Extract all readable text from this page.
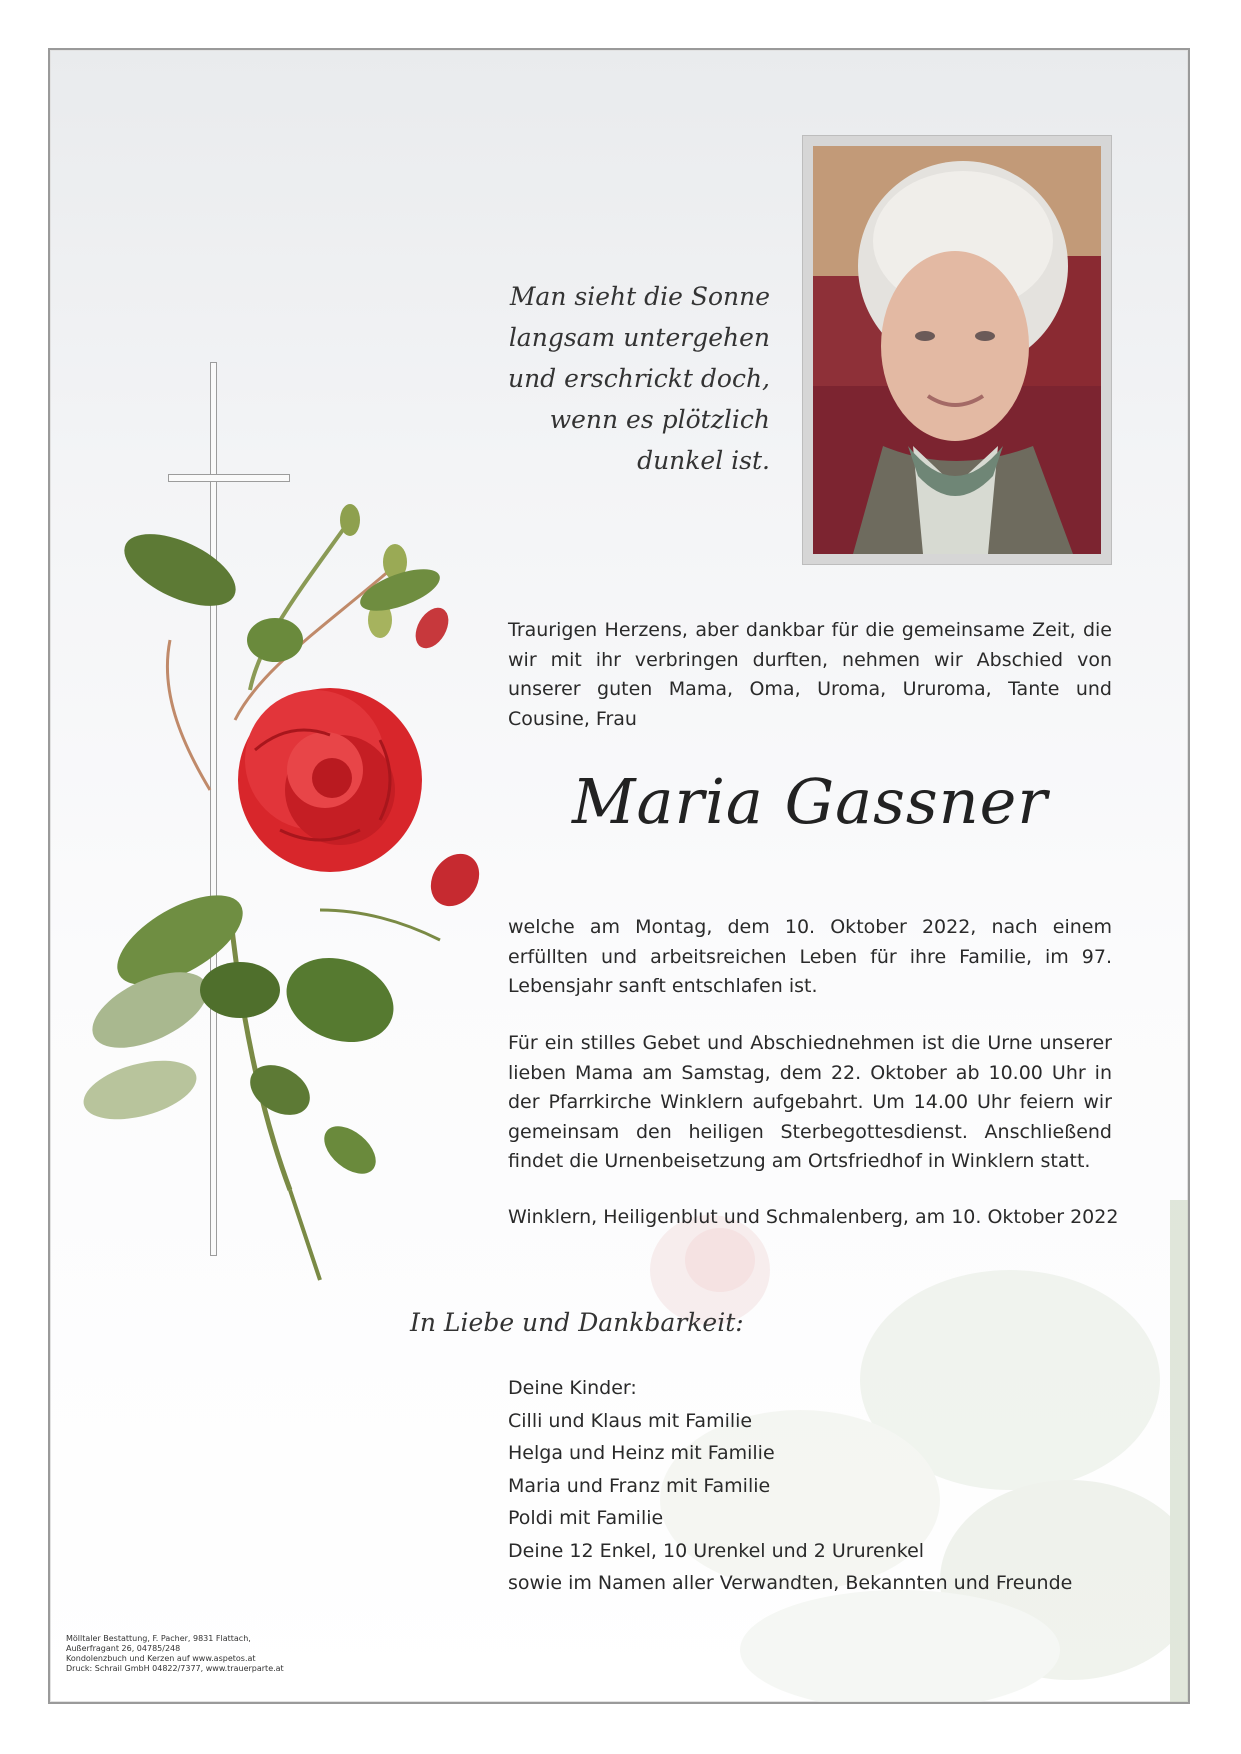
Man sieht die Sonne
langsam untergehen
und erschrickt doch,
wenn es plötzlich
dunkel ist.
Traurigen Herzens, aber dankbar für die gemeinsame Zeit, die wir mit ihr verbringen durften, nehmen wir Abschied von unserer guten Mama, Oma, Uroma, Ururoma, Tante und Cousine, Frau
Maria Gassner
welche am Montag, dem 10. Oktober 2022, nach einem erfüllten und arbeitsreichen Leben für ihre Familie, im 97. Lebensjahr sanft entschlafen ist.
Für ein stilles Gebet und Abschiednehmen ist die Urne unserer lieben Mama am Samstag, dem 22. Oktober ab 10.00 Uhr in der Pfarrkirche Winklern aufgebahrt. Um 14.00 Uhr feiern wir gemeinsam den heiligen Sterbegottesdienst. Anschließend findet die Urnenbeisetzung am Ortsfriedhof in Winklern statt.
Winklern, Heiligenblut und Schmalenberg, am 10. Oktober 2022
In Liebe und Dankbarkeit:
Deine Kinder:
Cilli und Klaus mit Familie
Helga und Heinz mit Familie
Maria und Franz mit Familie
Poldi mit Familie
Deine 12 Enkel, 10 Urenkel und 2 Ururenkel
sowie im Namen aller Verwandten, Bekannten und Freunde
Mölltaler Bestattung, F. Pacher, 9831 Flattach,
Außerfragant 26, 04785/248
Kondolenzbuch und Kerzen auf www.aspetos.at
Druck: Schrail GmbH 04822/7377, www.trauerparte.at
